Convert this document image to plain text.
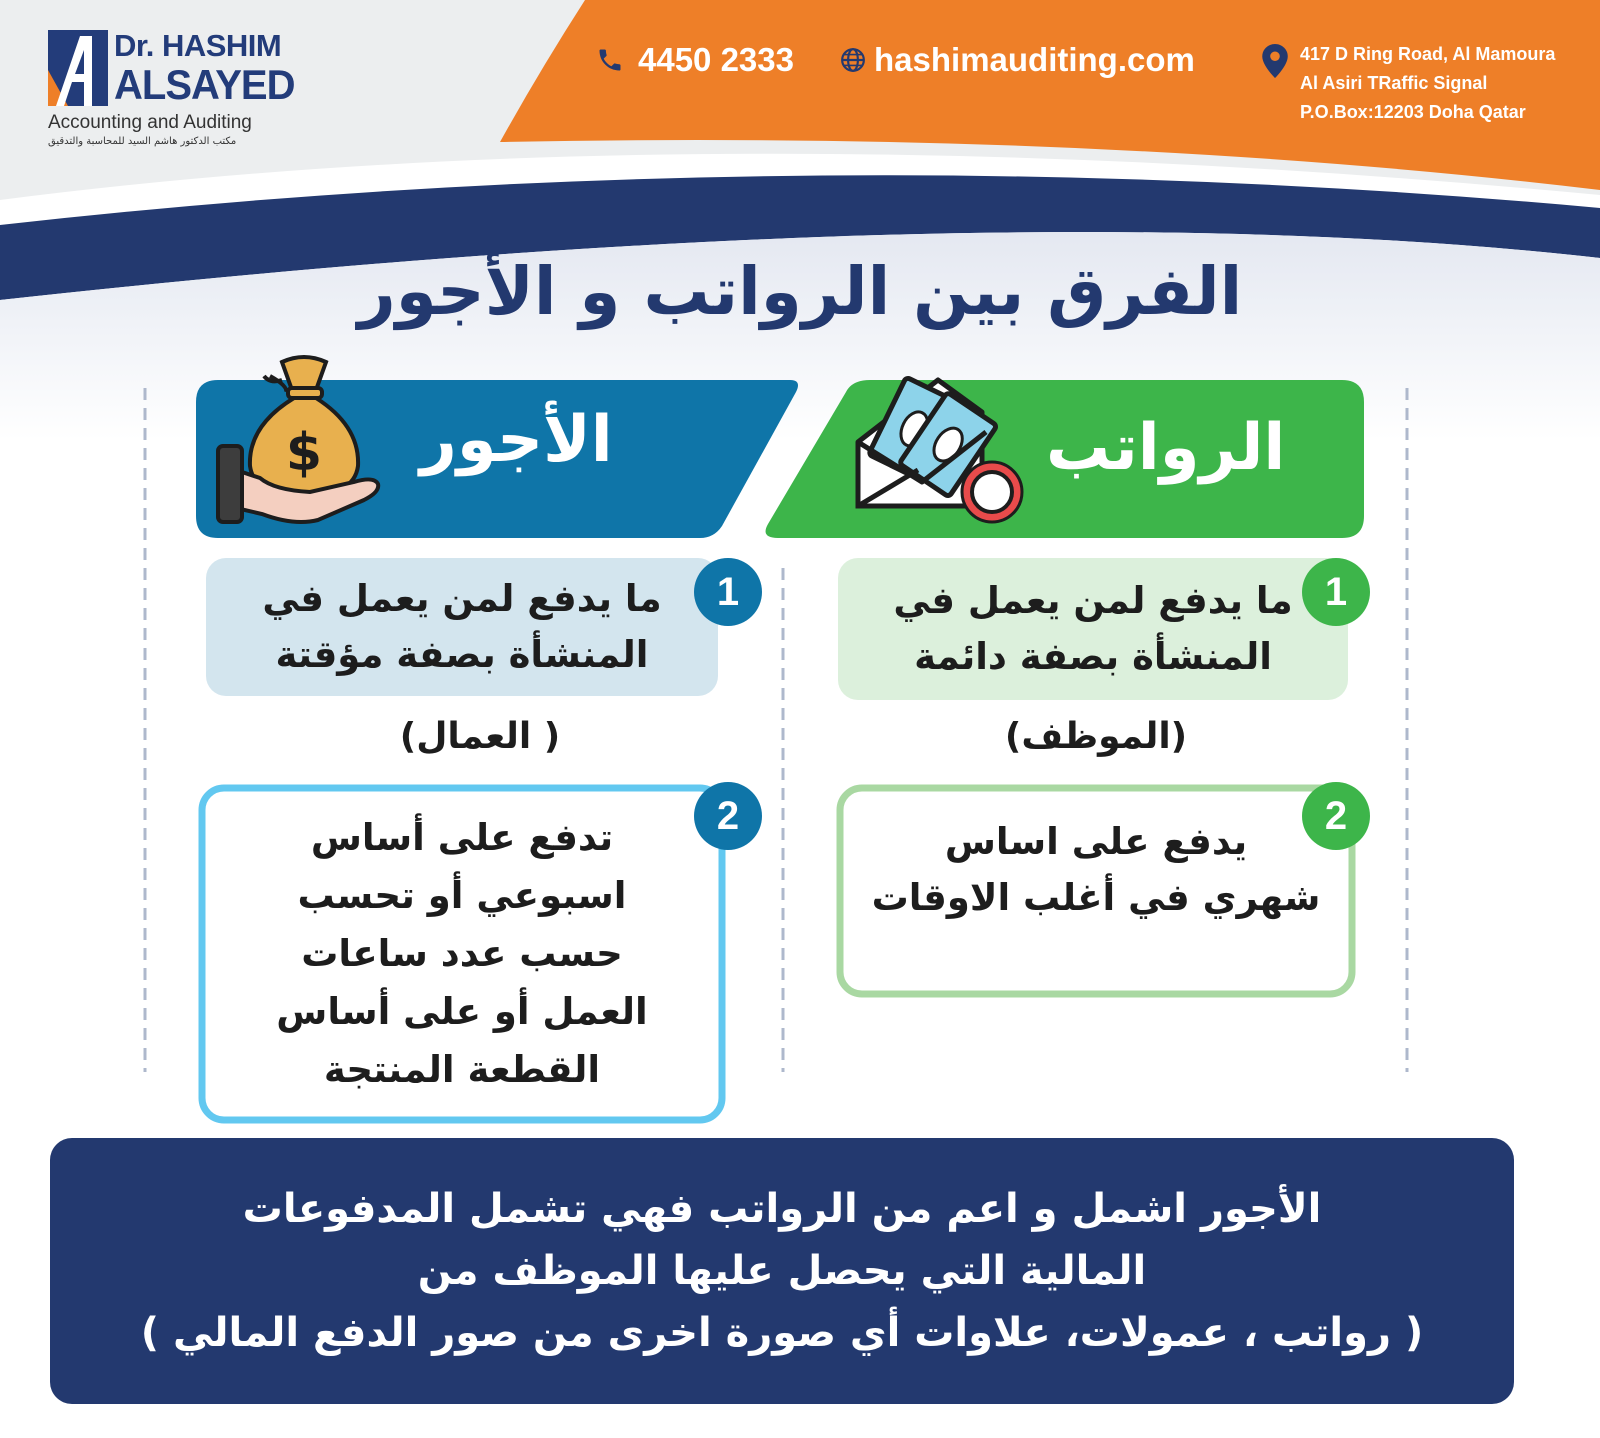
Dr. HASHIM
ALSAYED
Accounting and Auditing
مكتب الدكتور هاشم السيد للمحاسبة والتدقيق
4450 2333 hashimauditing.com	417 D Ring Road, Al Mamoura
Al Asiri TRaffic Signal
P.O.Box:12203 Doha Qatar
الفرق بين الرواتب و الأجور
$ الأجور	الرواتب
ما يدفع لمن يعمل في
المنشأة بصفة مؤقتة
1
( العمال)
تدفع على أساس
اسبوعي أو تحسب
حسب عدد ساعات
العمل أو على أساس
القطعة المنتجة
2
ما يدفع لمن يعمل في
المنشأة بصفة دائمة
1
(الموظف)
يدفع على اساس
شهري في أغلب الاوقات
2
الأجور اشمل و اعم من الرواتب فهي تشمل المدفوعات
المالية التي يحصل عليها الموظف من
( رواتب ، عمولات، علاوات أي صورة اخرى من صور الدفع المالي )
